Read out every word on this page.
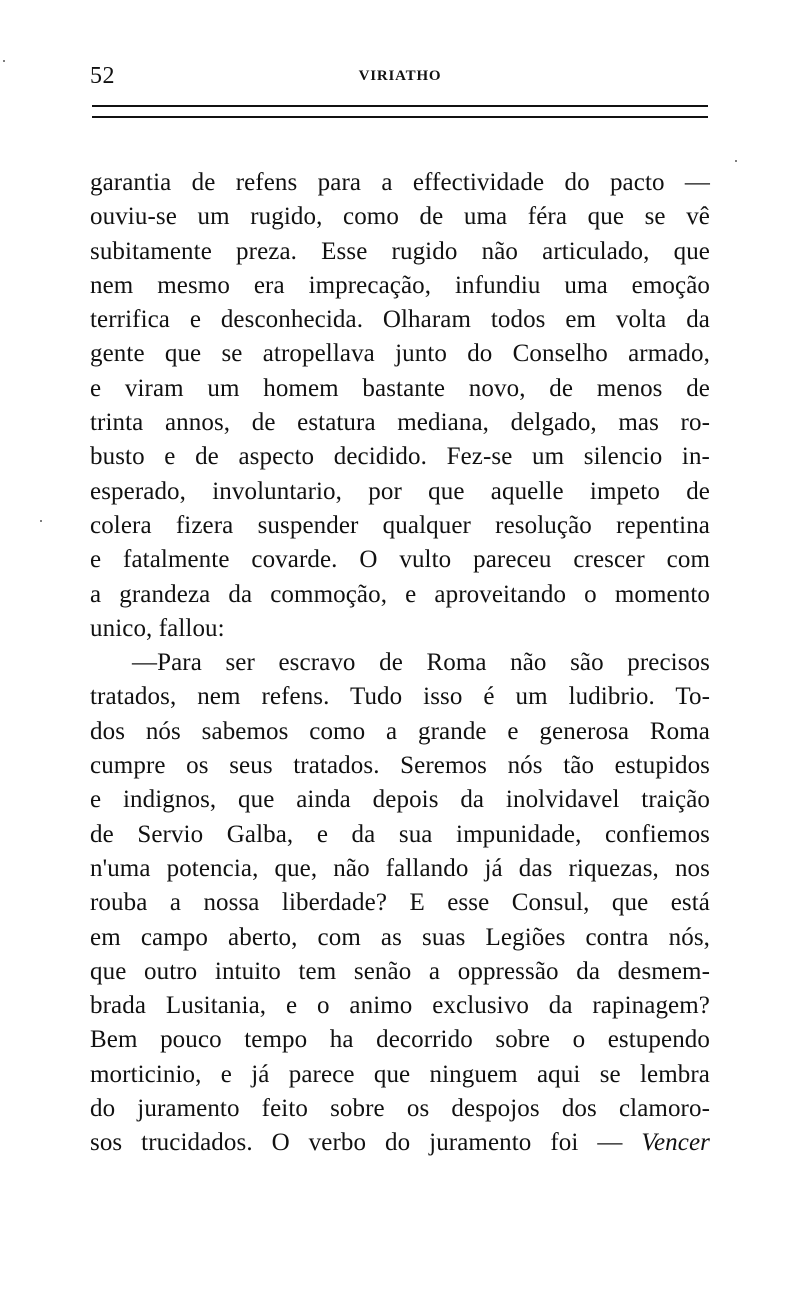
52	VIRIATHO
garantia de refens para a effectividade do pacto —
ouviu-se um rugido, como de uma féra que se vê
subitamente preza. Esse rugido não articulado, que
nem mesmo era imprecação, infundiu uma emoção
terrifica e desconhecida. Olharam todos em volta da
gente que se atropellava junto do Conselho armado,
e viram um homem bastante novo, de menos de
trinta annos, de estatura mediana, delgado, mas ro-
busto e de aspecto decidido. Fez-se um silencio in-
esperado, involuntario, por que aquelle impeto de
colera fizera suspender qualquer resolução repentina
e fatalmente covarde. O vulto pareceu crescer com
a grandeza da commoção, e aproveitando o momento
unico, fallou:
—Para ser escravo de Roma não são precisos
tratados, nem refens. Tudo isso é um ludibrio. To-
dos nós sabemos como a grande e generosa Roma
cumpre os seus tratados. Seremos nós tão estupidos
e indignos, que ainda depois da inolvidavel traição
de Servio Galba, e da sua impunidade, confiemos
n'uma potencia, que, não fallando já das riquezas, nos
rouba a nossa liberdade? E esse Consul, que está
em campo aberto, com as suas Legiões contra nós,
que outro intuito tem senão a oppressão da desmem-
brada Lusitania, e o animo exclusivo da rapinagem?
Bem pouco tempo ha decorrido sobre o estupendo
morticinio, e já parece que ninguem aqui se lembra
do juramento feito sobre os despojos dos clamoro-
sos trucidados. O verbo do juramento foi — Vencer
